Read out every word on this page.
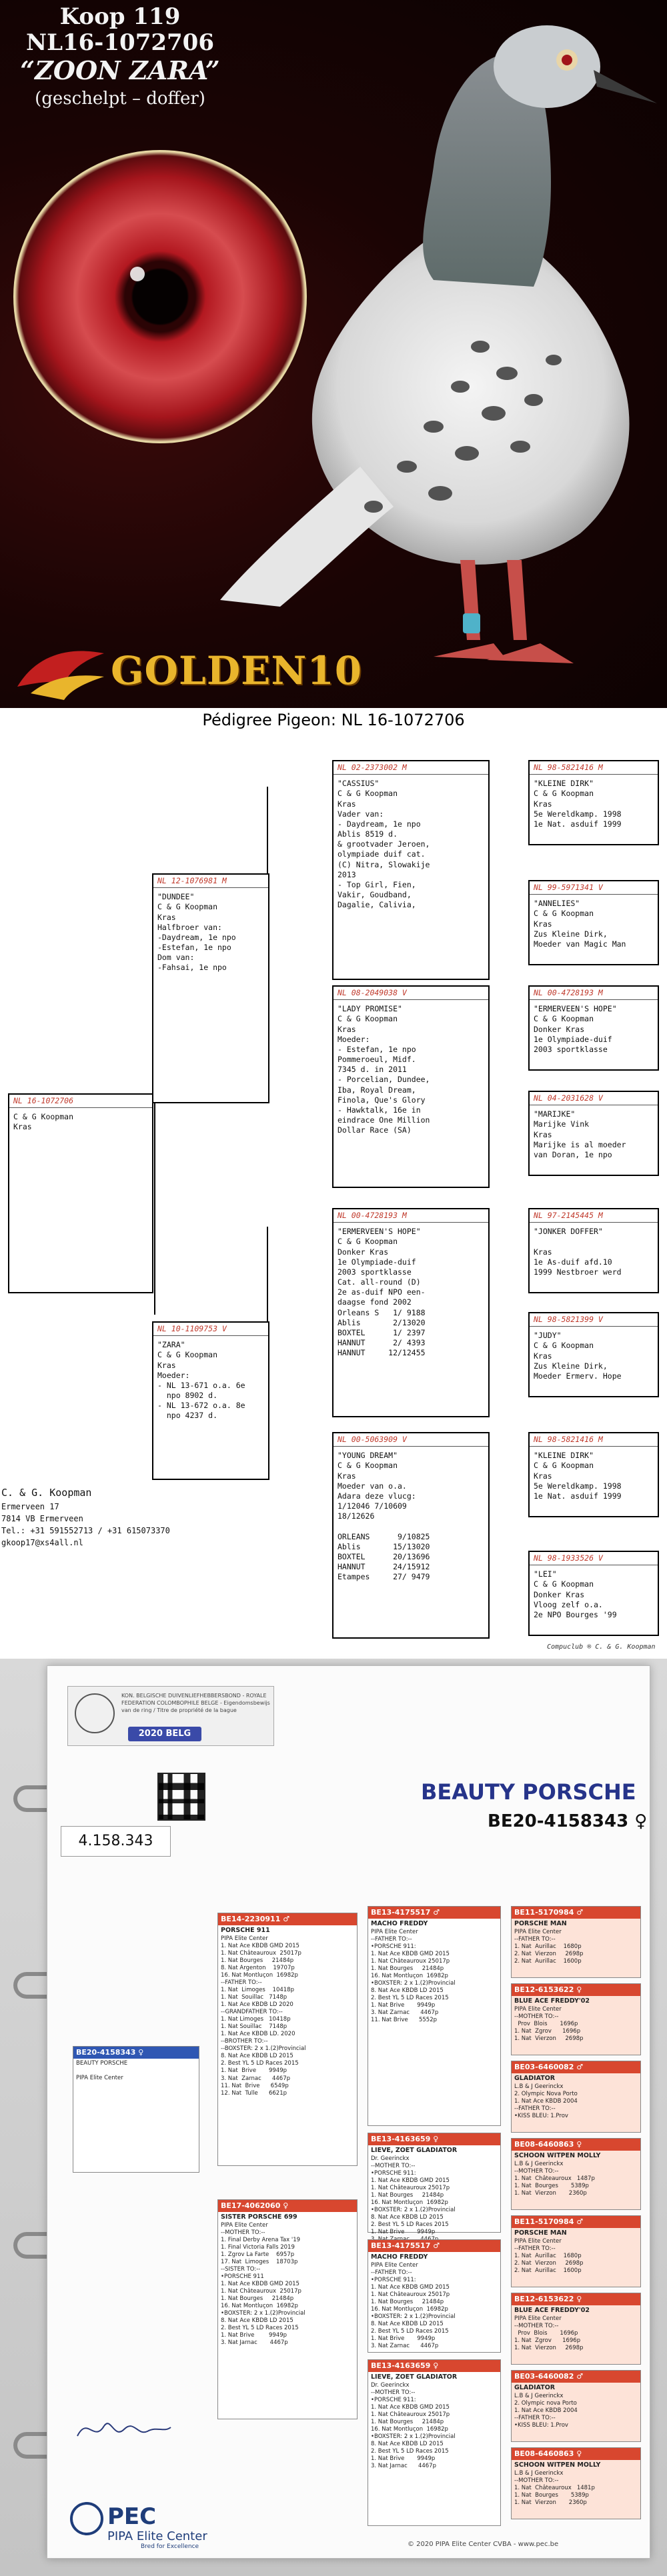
Koop 119
NL16-1072706
“ZOON ZARA”
(geschelpt – doffer)
GOLDEN10
Pédigree Pigeon: NL 16-1072706
NL 16-1072706
C & G Koopman
Kras
NL 12-1076981 M
"DUNDEE"
C & G Koopman
Kras
Halfbroer van:
-Daydream, 1e npo
-Estefan, 1e npo
Dom van:
-Fahsai, 1e npo
NL 10-1109753 V
"ZARA"
C & G Koopman
Kras
Moeder:
- NL 13-671 o.a. 6e
npo 8902 d.
- NL 13-672 o.a. 8e
npo 4237 d.
NL 02-2373002 M
"CASSIUS"
C & G Koopman
Kras
Vader van:
- Daydream, 1e npo
Ablis 8519 d.
& grootvader Jeroen,
olympiade duif cat.
(C) Nitra, Slowakije
2013
- Top Girl, Fien,
Vakir, Goudband,
Dagalie, Calivia,
NL 08-2049038 V
"LADY PROMISE"
C & G Koopman
Kras
Moeder:
- Estefan, 1e npo
Pommeroeul, Midf.
7345 d. in 2011
- Porcelian, Dundee,
Iba, Royal Dream,
Finola, Que's Glory
- Hawktalk, 16e in
eindrace One Million
Dollar Race (SA)
NL 00-4728193 M
"ERMERVEEN'S HOPE"
C & G Koopman
Donker Kras
1e Olympiade-duif
2003 sportklasse
Cat. all-round (D)
2e as-duif NPO een-
daagse fond 2002
Orleans S   1/ 9188
Ablis       2/13020
BOXTEL      1/ 2397
HANNUT      2/ 4393
HANNUT     12/12455
NL 00-5063909 V
"YOUNG DREAM"
C & G Koopman
Kras
Moeder van o.a.
Adara deze vlucg:
1/12046 7/10609
18/12626

ORLEANS      9/10825
Ablis       15/13020
BOXTEL      20/13696
HANNUT      24/15912
Etampes     27/ 9479
NL 98-5821416 M
"KLEINE DIRK"
C & G Koopman
Kras
5e Wereldkamp. 1998
1e Nat. asduif 1999
NL 99-5971341 V
"ANNELIES"
C & G Koopman
Kras
Zus Kleine Dirk,
Moeder van Magic Man
NL 00-4728193 M
"ERMERVEEN'S HOPE"
C & G Koopman
Donker Kras
1e Olympiade-duif
2003 sportklasse
NL 04-2031628 V
"MARIJKE"
Marijke Vink
Kras
Marijke is al moeder
van Doran, 1e npo
NL 97-2145445 M
"JONKER DOFFER"

Kras
1e As-duif afd.10
1999 Nestbroer werd
NL 98-5821399 V
"JUDY"
C & G Koopman
Kras
Zus Kleine Dirk,
Moeder Ermerv. Hope
NL 98-5821416 M
"KLEINE DIRK"
C & G Koopman
Kras
5e Wereldkamp. 1998
1e Nat. asduif 1999
NL 98-1933526 V
"LEI"
C & G Koopman
Donker Kras
Vloog zelf o.a.
2e NPO Bourges '99
C. & G. Koopman
Ermerveen 17
7814 VB Ermerveen
Tel.: +31 591552713 / +31 615073370
gkoop17@xs4all.nl
Compuclub ® C. & G. Koopman
KON. BELGISCHE DUIVENLIEFHEBBERSBOND - ROYALE FEDERATION COLOMBOPHILE BELGE - Eigendomsbewijs van de ring / Titre de propriété de la bague
2020 BELG
4.158.343
BEAUTY PORSCHE
BE20-4158343 ♀
BE20-4158343 ♀
BEAUTY PORSCHE

PIPA Elite Center
BE14-2230911 ♂
PORSCHE 911
PIPA Elite Center
1. Nat Ace KBDB GMD 2015
1. Nat Châteauroux  25017p
1. Nat Bourges     21484p
8. Nat Argenton    19707p
16. Nat Montluçon  16982p
--FATHER TO:--
1. Nat  Limoges    10418p
1. Nat  Souillac   7148p
1. Nat Ace KBDB LD 2020
--GRANDFATHER TO:--
1. Nat Limoges   10418p
1. Nat Souillac    7148p
1. Nat Ace KBDB LD. 2020
--BROTHER TO:--
--BOXSTER: 2 x 1.(2)Provincial
8. Nat Ace KBDB LD 2015
2. Best YL 5 LD Races 2015
1. Nat  Brive       9949p
3. Nat  Zarnac      4467p
11. Nat  Brive      6549p
12. Nat  Tulle      6621p
BE17-4062060 ♀
SISTER PORSCHE 699
PIPA Elite Center
--MOTHER TO:--
1. Final Derby Arena Tax '19
1. Final Victoria Falls 2019
1. Zgrov La Farte    6957p
17. Nat  Limoges    18703p
--SISTER TO:--
•PORSCHE 911
1. Nat Ace KBDB GMD 2015
1. Nat Châteauroux  25017p
1. Nat Bourges     21484p
16. Nat Montluçon  16982p
•BOXSTER: 2 x 1.(2)Provincial
8. Nat Ace KBDB LD 2015
2. Best YL 5 LD Races 2015
1. Nat Brive        9949p
3. Nat Jarnac       4467p
BE13-4175517 ♂
MACHO FREDDY
PIPA Elite Center
--FATHER TO:--
•PORSCHE 911:
1. Nat Ace KBDB GMD 2015
1. Nat Châteauroux 25017p
1. Nat Bourges     21484p
16. Nat Montluçon  16982p
•BOXSTER: 2 x 1.(2)Provincial
8. Nat Ace KBDB LD 2015
2. Best YL 5 LD Races 2015
1. Nat Brive       9949p
3. Nat Zarnac      4467p
11. Nat Brive      5552p
BE13-4163659 ♀
LIEVE, ZOET GLADIATOR
Dr. Geerinckx
--MOTHER TO:--
•PORSCHE 911:
1. Nat Ace KBDB GMD 2015
1. Nat Châteauroux 25017p
1. Nat Bourges     21484p
16. Nat Montluçon  16982p
•BOXSTER: 2 x 1.(2)Provincial
8. Nat Ace KBDB LD 2015
2. Best YL 5 LD Races 2015
1. Nat Brive       9949p
BE13-4175517 ♂
MACHO FREDDY
PIPA Elite Center
--FATHER TO:--
•PORSCHE 911:
1. Nat Ace KBDB GMD 2015
1. Nat Châteauroux 25017p
1. Nat Bourges     21484p
16. Nat Montluçon  16982p
•BOXSTER: 2 x 1.(2)Provincial
8. Nat Ace KBDB LD 2015
2. Best YL 5 LD Races 2015
1. Nat Brive       9949p
3. Nat Zarnac      4467p
BE13-4163659 ♀
LIEVE, ZOET GLADIATOR
Dr. Geerinckx
--MOTHER TO:--
•PORSCHE 911:
1. Nat Ace KBDB GMD 2015
1. Nat Châteauroux 25017p
1. Nat Bourges     21484p
16. Nat Montluçon  16982p
•BOXSTER: 2 x 1.(2)Provincial
8. Nat Ace KBDB LD 2015
2. Best YL 5 LD Races 2015
1. Nat Brive       9949p
3. Nat Jarnac      4467p
BE11-5170984 ♂
PORSCHE MAN
PIPA Elite Center
--FATHER TO:--
1. Nat  Aurillac    1680p
2. Nat  Vierzon     2698p
2. Nat  Aurillac    1600p
BE12-6153622 ♀
BLUE ACE FREDDY'02
PIPA Elite Center
--MOTHER TO:--
Prov  Blois       1696p
1. Nat  Zgrov      1696p
1. Nat  Vierzon     2698p
BE03-6460082 ♂
GLADIATOR
L.B & J Geerinckx
2. Olympic Nova Porto
1. Nat Ace KBDB 2004
--FATHER TO:--
•KISS BLEU: 1.Prov
BE08-6460863 ♀
SCHOON WITPEN MOLLY
L.B & J Geerinckx
--MOTHER TO:--
1. Nat  Châteauroux   1487p
1. Nat  Bourges       5389p
1. Nat  Vierzon       2360p
BE11-5170984 ♂
PORSCHE MAN
PIPA Elite Center
--FATHER TO:--
1. Nat  Aurillac    1680p
2. Nat  Vierzon     2698p
2. Nat  Aurillac    1600p
BE12-6153622 ♀
BLUE ACE FREDDY'02
PIPA Elite Center
--MOTHER TO:--
Prov  Blois       1696p
1. Nat  Zgrov      1696p
1. Nat  Vierzon     2698p
BE03-6460082 ♂
GLADIATOR
L.B & J Geerinckx
2. Olympic nova Porto
1. Nat Ace KBDB 2004
--FATHER TO:--
•KISS BLEU: 1.Prov
BE08-6460863 ♀
SCHOON WITPEN MOLLY
L.B & J Geerinckx
--MOTHER TO:--
1. Nat  Châteauroux   1481p
1. Nat  Bourges       5389p
1. Nat  Vierzon       2360p
PEC
PIPA Elite Center
Bred for Excellence	© 2020 PIPA Elite Center CVBA - www.pec.be
